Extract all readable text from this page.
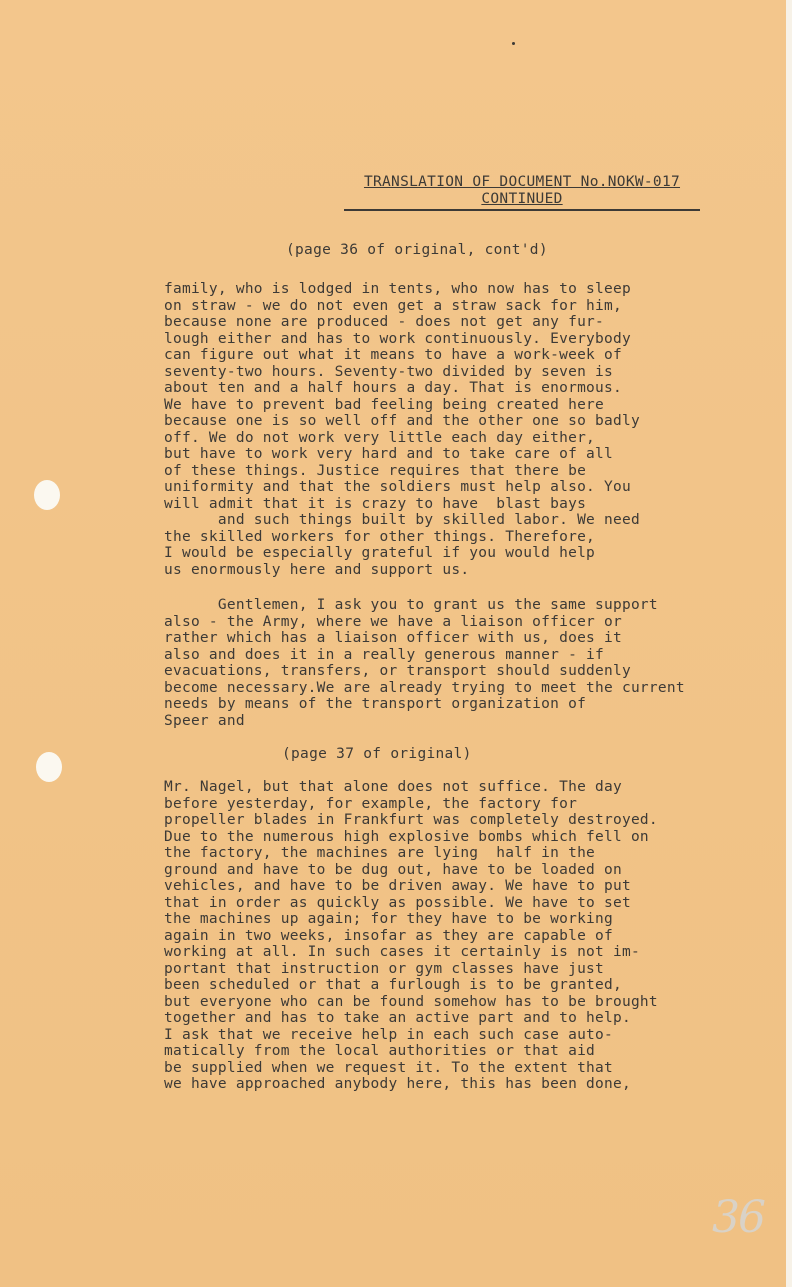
TRANSLATION OF DOCUMENT No.NOKW-017
CONTINUED
(page 36 of original, cont'd)
family, who is lodged in tents, who now has to sleep
on straw - we do not even get a straw sack for him,
because none are produced - does not get any fur-
lough either and has to work continuously. Everybody
can figure out what it means to have a work-week of
seventy-two hours. Seventy-two divided by seven is
about ten and a half hours a day. That is enormous.
We have to prevent bad feeling being created here
because one is so well off and the other one so badly
off. We do not work very little each day either,
but have to work very hard and to take care of all
of these things. Justice requires that there be
uniformity and that the soldiers must help also. You
will admit that it is crazy to have  blast bays
and such things built by skilled labor. We need
the skilled workers for other things. Therefore,
I would be especially grateful if you would help
us enormously here and support us.
Gentlemen, I ask you to grant us the same support
also - the Army, where we have a liaison officer or
rather which has a liaison officer with us, does it
also and does it in a really generous manner - if
evacuations, transfers, or transport should suddenly
become necessary.We are already trying to meet the current
needs by means of the transport organization of
Speer and
(page 37 of original)
Mr. Nagel, but that alone does not suffice. The day
before yesterday, for example, the factory for
propeller blades in Frankfurt was completely destroyed.
Due to the numerous high explosive bombs which fell on
the factory, the machines are lying  half in the
ground and have to be dug out, have to be loaded on
vehicles, and have to be driven away. We have to put
that in order as quickly as possible. We have to set
the machines up again; for they have to be working
again in two weeks, insofar as they are capable of
working at all. In such cases it certainly is not im-
portant that instruction or gym classes have just
been scheduled or that a furlough is to be granted,
but everyone who can be found somehow has to be brought
together and has to take an active part and to help.
I ask that we receive help in each such case auto-
matically from the local authorities or that aid
be supplied when we request it. To the extent that
we have approached anybody here, this has been done,
36
